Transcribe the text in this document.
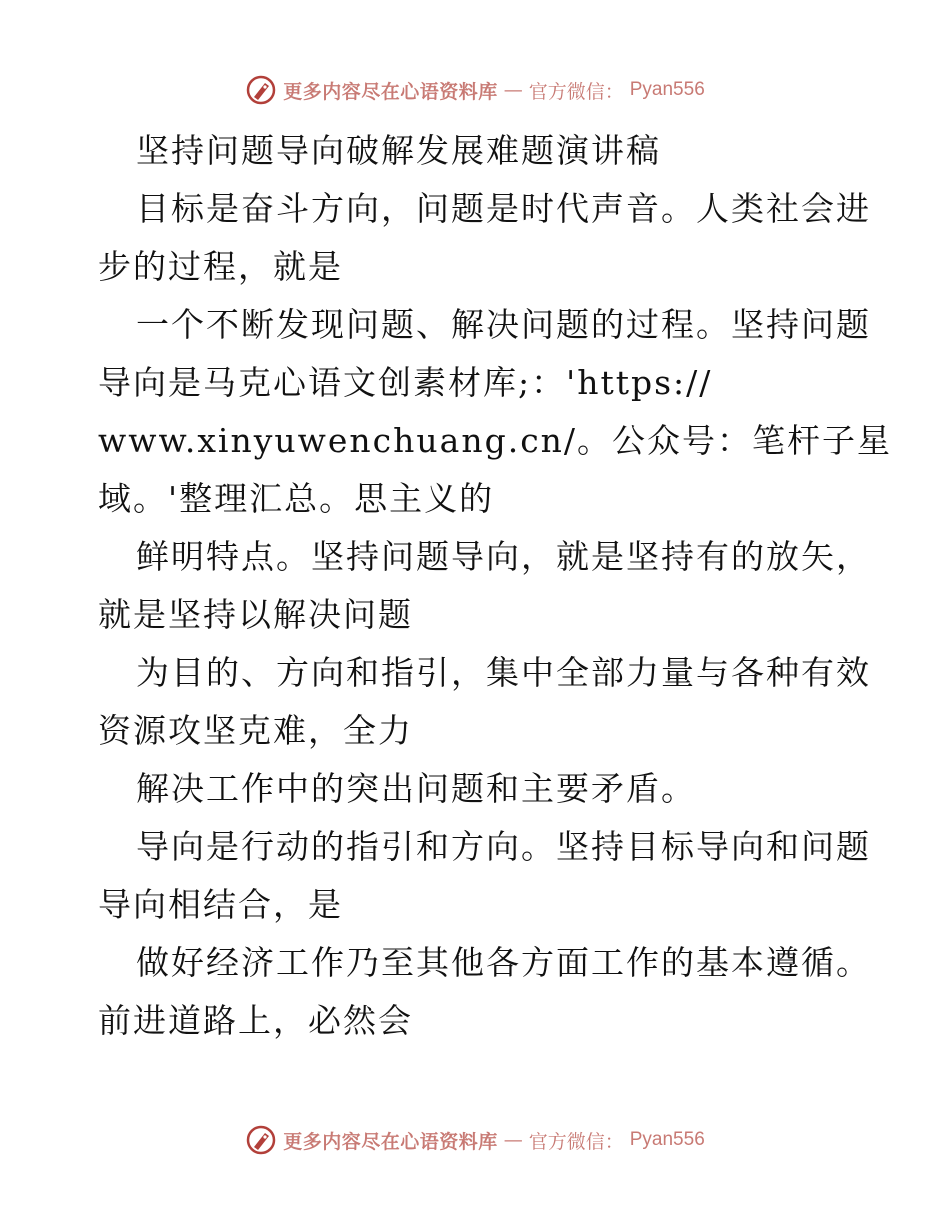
更多内容尽在心语资料库 — 官方微信： Pyan556
坚持问题导向破解发展难题演讲稿
目标是奋斗方向，问题是时代声音。人类社会进
步的过程，就是
一个不断发现问题、解决问题的过程。坚持问题
导向是马克心语文创素材库;：'https://
www.xinyuwenchuang.cn/。公众号：笔杆子星
域。'整理汇总。思主义的
鲜明特点。坚持问题导向，就是坚持有的放矢，
就是坚持以解决问题
为目的、方向和指引，集中全部力量与各种有效
资源攻坚克难，全力
解决工作中的突出问题和主要矛盾。
导向是行动的指引和方向。坚持目标导向和问题
导向相结合，是
做好经济工作乃至其他各方面工作的基本遵循。
前进道路上，必然会
更多内容尽在心语资料库 — 官方微信： Pyan556
